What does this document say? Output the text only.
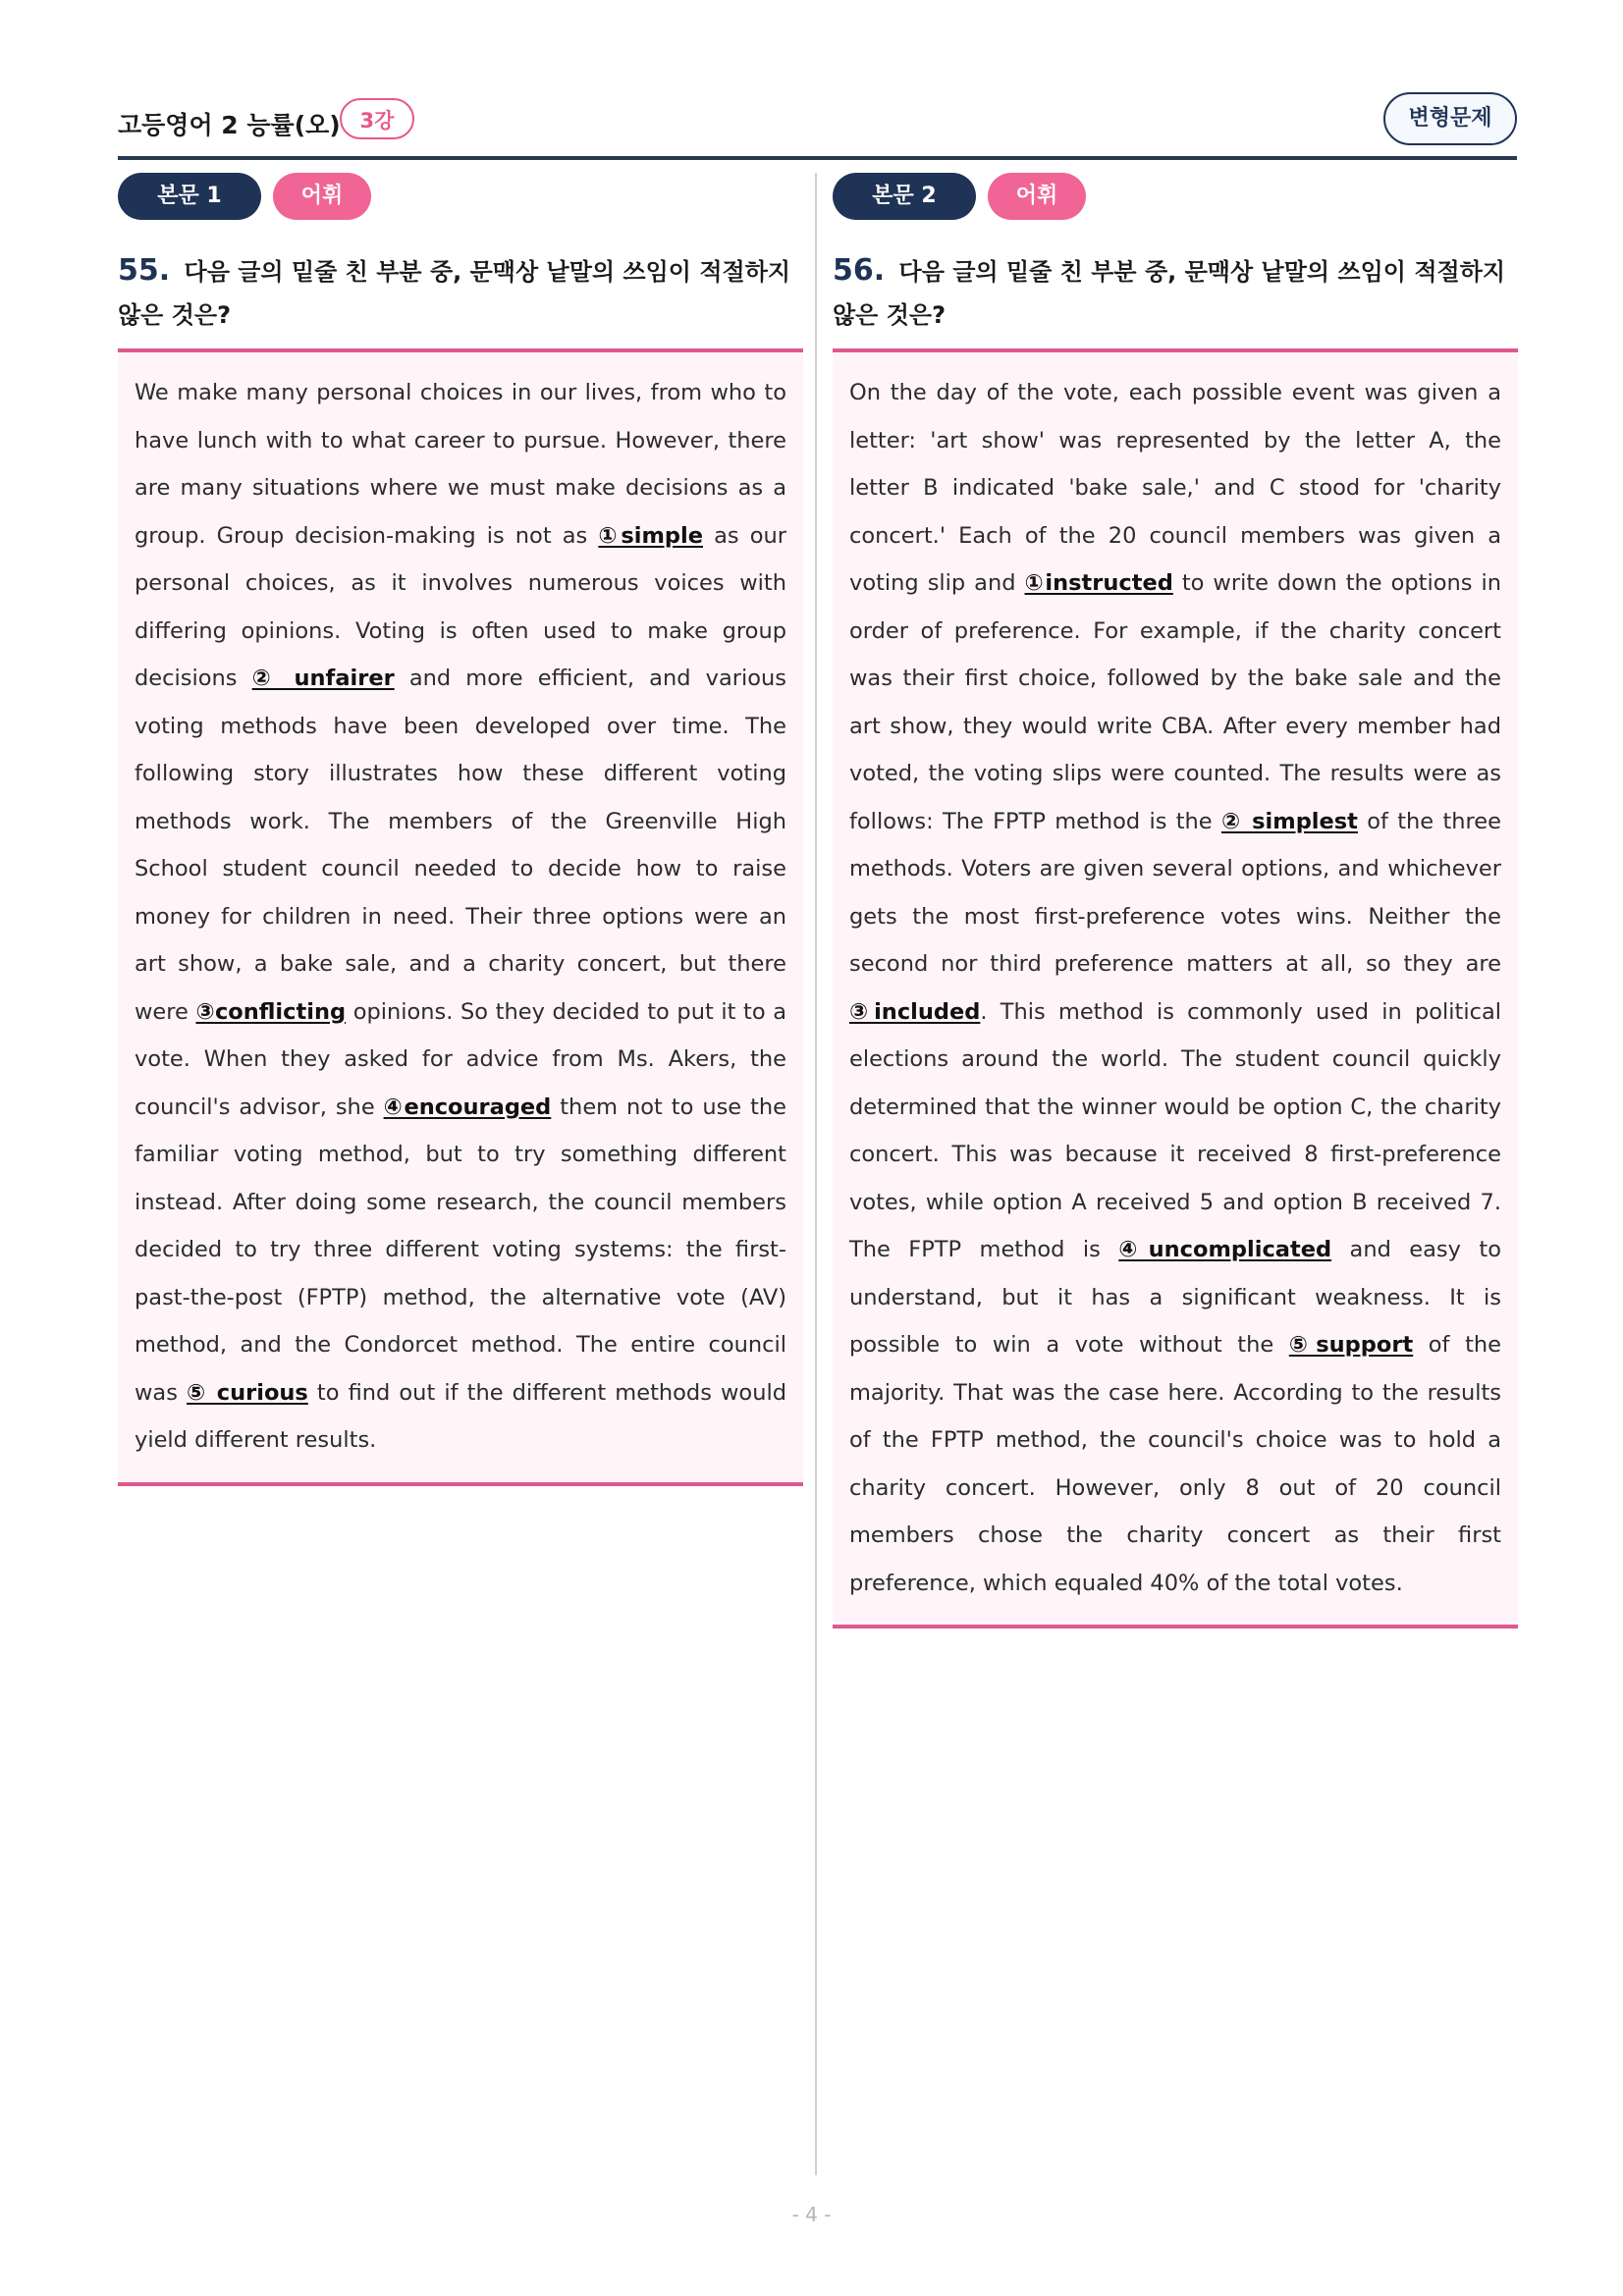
고등영어 2 능률(오) 3강	변형문제
본문 1	어휘
55. 다음 글의 밑줄 친 부분 중, 문맥상 낱말의 쓰임이 적절하지 않은 것은?
We make many personal choices in our lives, from who to have lunch with to what career to pursue. However, there are many situations where we must make decisions as a group. Group decision-making is not as ①simple as our personal choices, as it involves numerous voices with differing opinions. Voting is often used to make group decisions ② unfairer and more efficient, and various voting methods have been developed over time. The following story illustrates how these different voting methods work. The members of the Greenville High School student council needed to decide how to raise money for children in need. Their three options were an art show, a bake sale, and a charity concert, but there were ③conflicting opinions. So they decided to put it to a vote. When they asked for advice from Ms. Akers, the council's advisor, she ④encouraged them not to use the familiar voting method, but to try something different instead. After doing some research, the council members decided to try three different voting systems: the first-past-the-post (FPTP) method, the alternative vote (AV) method, and the Condorcet method. The entire council was ⑤ curious to find out if the different methods would yield different results.
본문 2	어휘
56. 다음 글의 밑줄 친 부분 중, 문맥상 낱말의 쓰임이 적절하지 않은 것은?
On the day of the vote, each possible event was given a letter: 'art show' was represented by the letter A, the letter B indicated 'bake sale,' and C stood for 'charity concert.' Each of the 20 council members was given a voting slip and ①instructed to write down the options in order of preference. For example, if the charity concert was their first choice, followed by the bake sale and the art show, they would write CBA. After every member had voted, the voting slips were counted. The results were as follows: The FPTP method is the ② simplest of the three methods. Voters are given several options, and whichever gets the most first-preference votes wins. Neither the second nor third preference matters at all, so they are ③included. This method is commonly used in political elections around the world. The student council quickly determined that the winner would be option C, the charity concert. This was because it received 8 first-preference votes, while option A received 5 and option B received 7. The FPTP method is ④uncomplicated and easy to understand, but it has a significant weakness. It is possible to win a vote without the ⑤support of the majority. That was the case here. According to the results of the FPTP method, the council's choice was to hold a charity concert. However, only 8 out of 20 council members chose the charity concert as their first preference, which equaled 40% of the total votes.
- 4 -
